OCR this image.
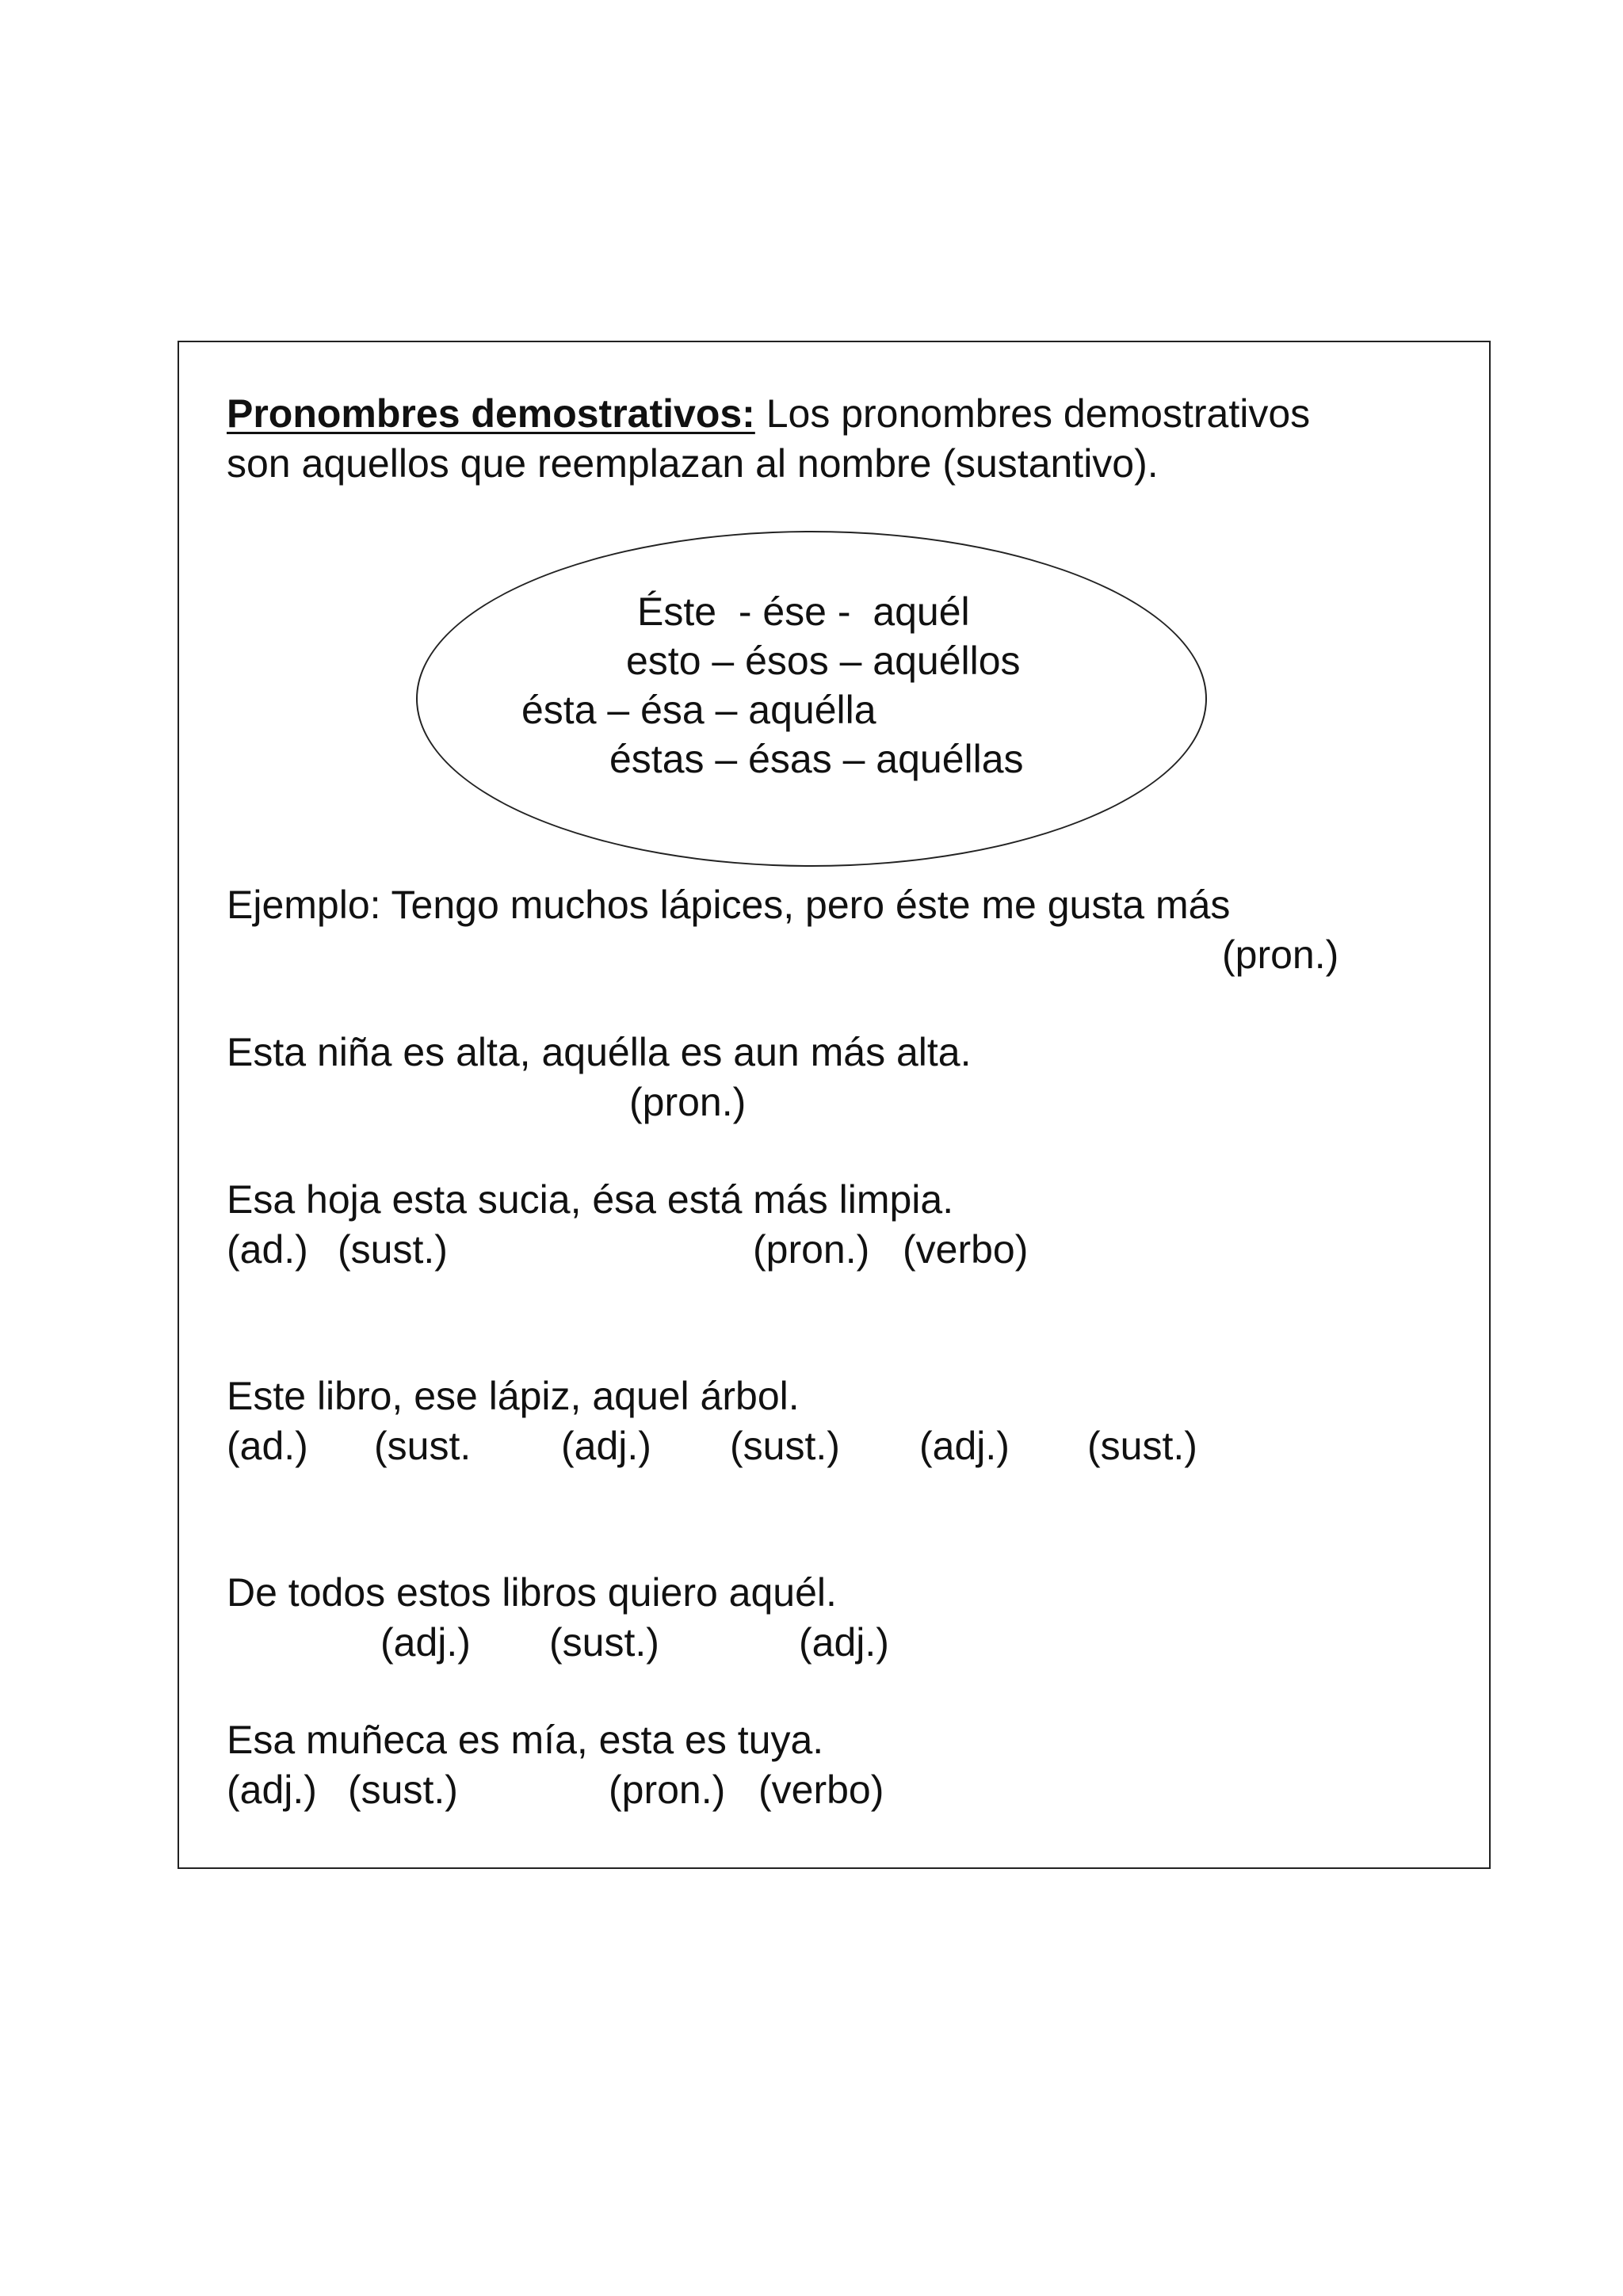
Pronombres demostrativos: Los pronombres demostrativos
son aquellos que reemplazan al nombre (sustantivo).
Éste  - ése -  aquél
esto – ésos – aquéllos
ésta – ésa – aquélla
éstas – ésas – aquéllas
Ejemplo: Tengo muchos lápices, pero éste me gusta más
(pron.)
Esta niña es alta, aquélla es aun más alta.
(pron.)
Esa hoja esta sucia, ésa está más limpia.
(ad.) (sust.)	(pron.) (verbo)
Este libro, ese lápiz, aquel árbol.
(ad.) (sust. (adj.) (sust.) (adj.) (sust.)
De todos estos libros quiero aquél.
(adj.) (sust.)	(adj.)
Esa muñeca es mía, esta es tuya.
(adj.) (sust.)	(pron.) (verbo)
